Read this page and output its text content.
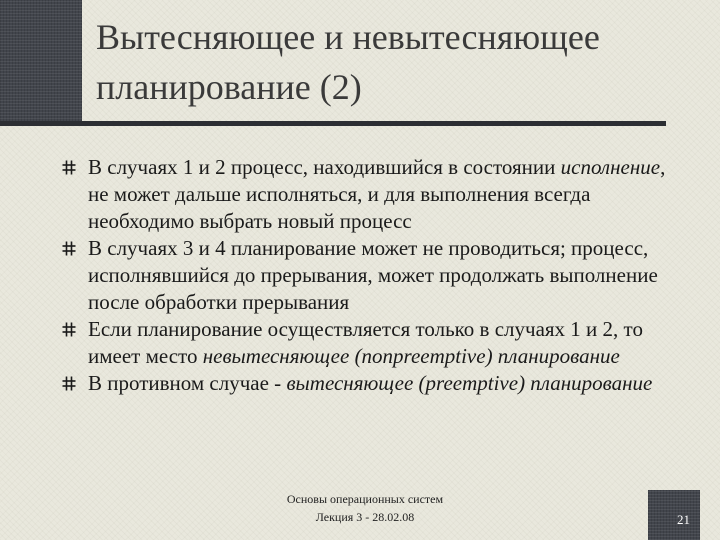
Вытесняющее и невытесняющее
планирование (2)
В случаях 1 и 2 процесс, находившийся в состоянии исполнение, не может дальше исполняться, и для выполнения всегда необходимо выбрать новый процесс
В случаях 3 и 4 планирование может не проводиться; процесс, исполнявшийся до прерывания, может продолжать выполнение после обработки прерывания
Если планирование осуществляется только в случаях 1 и 2, то имеет место невытесняющее (nonpreemptive) планирование
В противном случае - вытесняющее (preemptive) планирование
Основы операционных систем
Лекция 3 - 28.02.08	21
